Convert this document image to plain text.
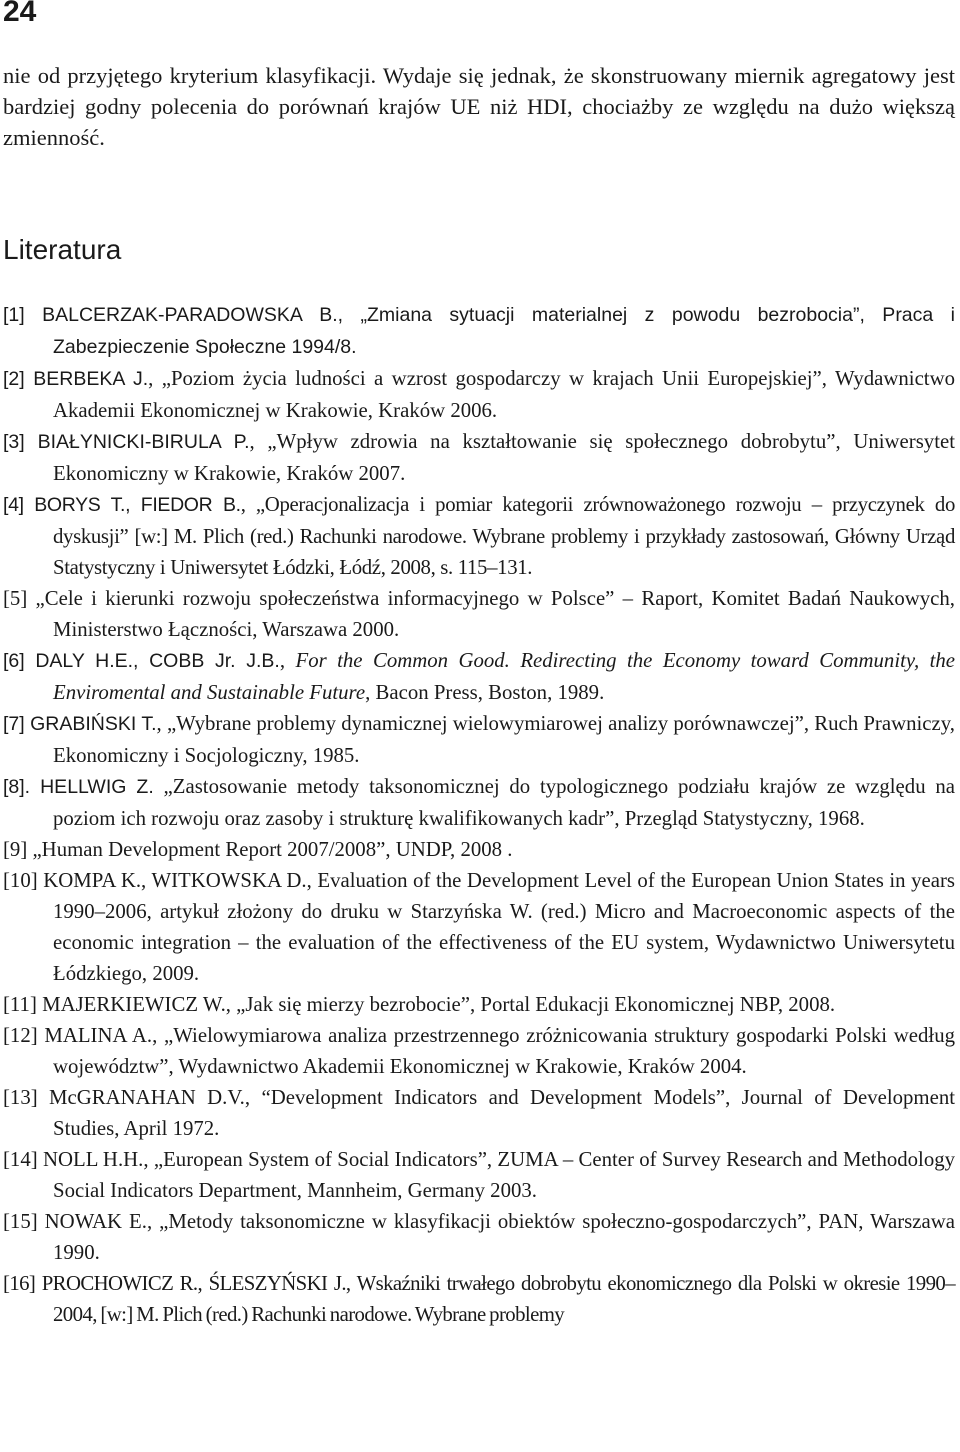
24
nie od przyjętego kryterium klasyfikacji. Wydaje się jednak, że skonstruowany miernik agregatowy jest bardziej godny polecenia do porównań krajów UE niż HDI, chociażby ze względu na dużo większą zmienność.
Literatura
[1] BALCERZAK-PARADOWSKA B., „Zmiana sytuacji materialnej z powodu bezrobocia”, Praca i Zabezpieczenie Społeczne 1994/8.
[2] BERBEKA J., „Poziom życia ludności a wzrost gospodarczy w krajach Unii Europejskiej”, Wydawnictwo Akademii Ekonomicznej w Krakowie, Kraków 2006.
[3] BIAŁYNICKI-BIRULA P., „Wpływ zdrowia na kształtowanie się społecznego dobrobytu”, Uniwersytet Ekonomiczny w Krakowie, Kraków 2007.
[4] BORYS T., FIEDOR B., „Operacjonalizacja i pomiar kategorii zrównoważonego rozwoju – przyczynek do dyskusji” [w:] M. Plich (red.) Rachunki narodowe. Wybrane problemy i przykłady zastosowań, Główny Urząd Statystyczny i Uniwersytet Łódzki, Łódź, 2008, s. 115–131.
[5] „Cele i kierunki rozwoju społeczeństwa informacyjnego w Polsce” – Raport, Komitet Badań Naukowych, Ministerstwo Łączności, Warszawa 2000.
[6] DALY H.E., COBB Jr. J.B., For the Common Good. Redirecting the Economy toward Community, the Enviromental and Sustainable Future, Bacon Press, Boston, 1989.
[7] GRABIŃSKI T., „Wybrane problemy dynamicznej wielowymiarowej analizy porównawczej”, Ruch Prawniczy, Ekonomiczny i Socjologiczny, 1985.
[8]. HELLWIG Z. „Zastosowanie metody taksonomicznej do typologicznego podziału krajów ze względu na poziom ich rozwoju oraz zasoby i strukturę kwalifikowanych kadr”, Przegląd Statystyczny, 1968.
[9] „Human Development Report 2007/2008”, UNDP, 2008 .
[10] KOMPA K., WITKOWSKA D., Evaluation of the Development Level of the European Union States in years 1990–2006, artykuł złożony do druku w Starzyńska W. (red.) Micro and Macroeconomic aspects of the economic integration – the evaluation of the effectiveness of the EU system, Wydawnictwo Uniwersytetu Łódzkiego, 2009.
[11] MAJERKIEWICZ W., „Jak się mierzy bezrobocie”, Portal Edukacji Ekonomicznej NBP, 2008.
[12] MALINA A., „Wielowymiarowa analiza przestrzennego zróżnicowania struktury gospodarki Polski według województw”, Wydawnictwo Akademii Ekonomicznej w Krakowie, Kraków 2004.
[13] McGRANAHAN D.V., “Development Indicators and Development Models”, Journal of Development Studies, April 1972.
[14] NOLL H.H., „European System of Social Indicators”, ZUMA – Center of Survey Research and Methodology Social Indicators Department, Mannheim, Germany 2003.
[15] NOWAK E., „Metody taksonomiczne w klasyfikacji obiektów społeczno-gospodarczych”, PAN, Warszawa 1990.
[16] PROCHOWICZ R., ŚLESZYŃSKI J., Wskaźniki trwałego dobrobytu ekonomicznego dla Polski w okresie 1990–2004, [w:] M. Plich (red.) Rachunki narodowe. Wybrane problemy
